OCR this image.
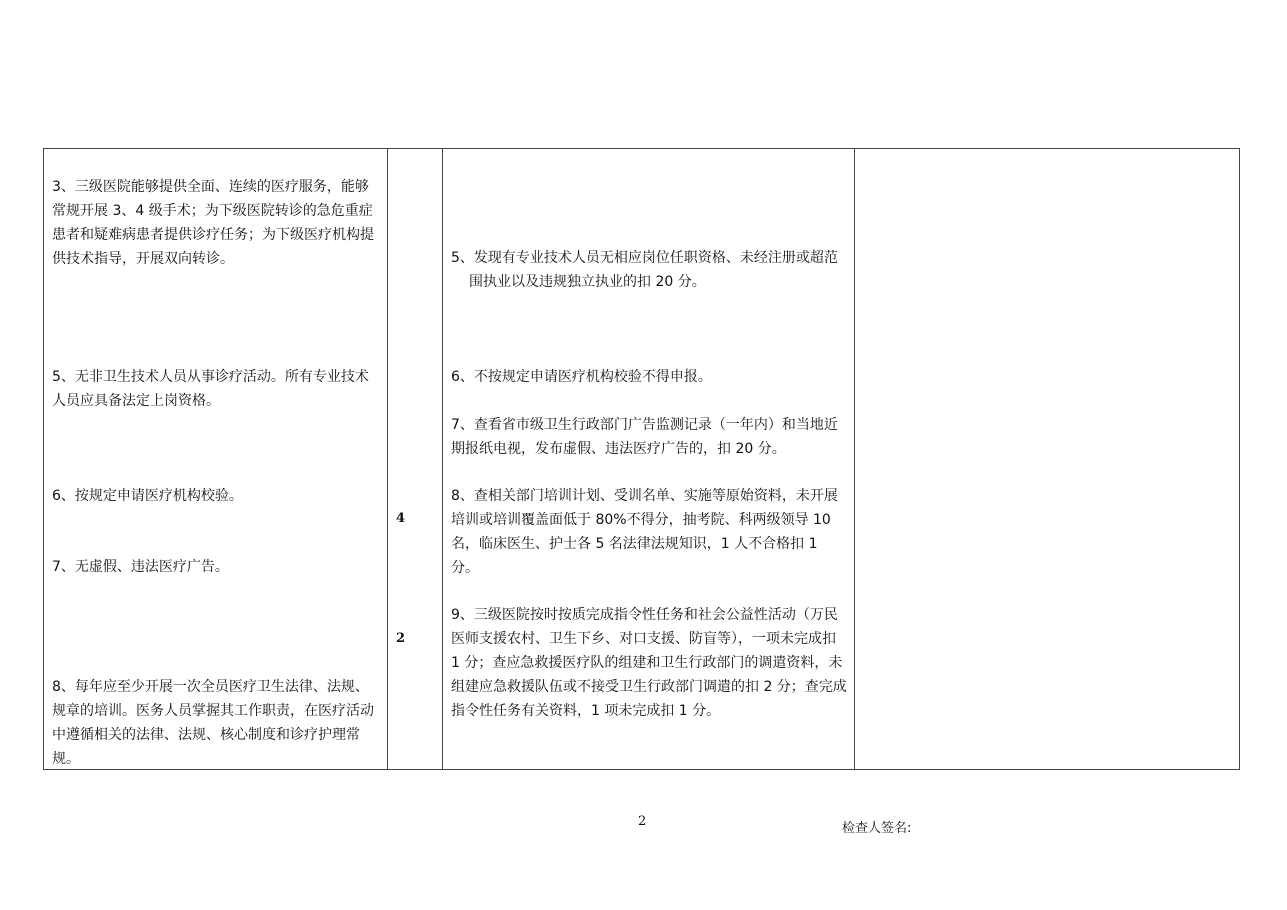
3、三级医院能够提供全面、连续的医疗服务，能够常规开展 3、4 级手术；为下级医院转诊的急危重症患者和疑难病患者提供诊疗任务；为下级医疗机构提供技术指导，开展双向转诊。
5、无非卫生技术人员从事诊疗活动。所有专业技术人员应具备法定上岗资格。
6、按规定申请医疗机构校验。
7、无虚假、违法医疗广告。
8、每年应至少开展一次全员医疗卫生法律、法规、规章的培训。医务人员掌握其工作职责，在医疗活动中遵循相关的法律、法规、核心制度和诊疗护理常规。
4
2
5、发现有专业技术人员无相应岗位任职资格、未经注册或超范围执业以及违规独立执业的扣 20 分。
6、不按规定申请医疗机构校验不得申报。
7、查看省市级卫生行政部门广告监测记录（一年内）和当地近期报纸电视，发布虚假、违法医疗广告的，扣 20 分。
8、查相关部门培训计划、受训名单、实施等原始资料，未开展培训或培训覆盖面低于 80%不得分，抽考院、科两级领导 10 名，临床医生、护士各 5 名法律法规知识，1 人不合格扣 1 分。
9、三级医院按时按质完成指令性任务和社会公益性活动（万民医师支援农村、卫生下乡、对口支援、防盲等），一项未完成扣 1 分；查应急救援医疗队的组建和卫生行政部门的调遣资料，未组建应急救援队伍或不接受卫生行政部门调遣的扣 2 分；查完成指令性任务有关资料，1 项未完成扣 1 分。
2	检查人签名:
